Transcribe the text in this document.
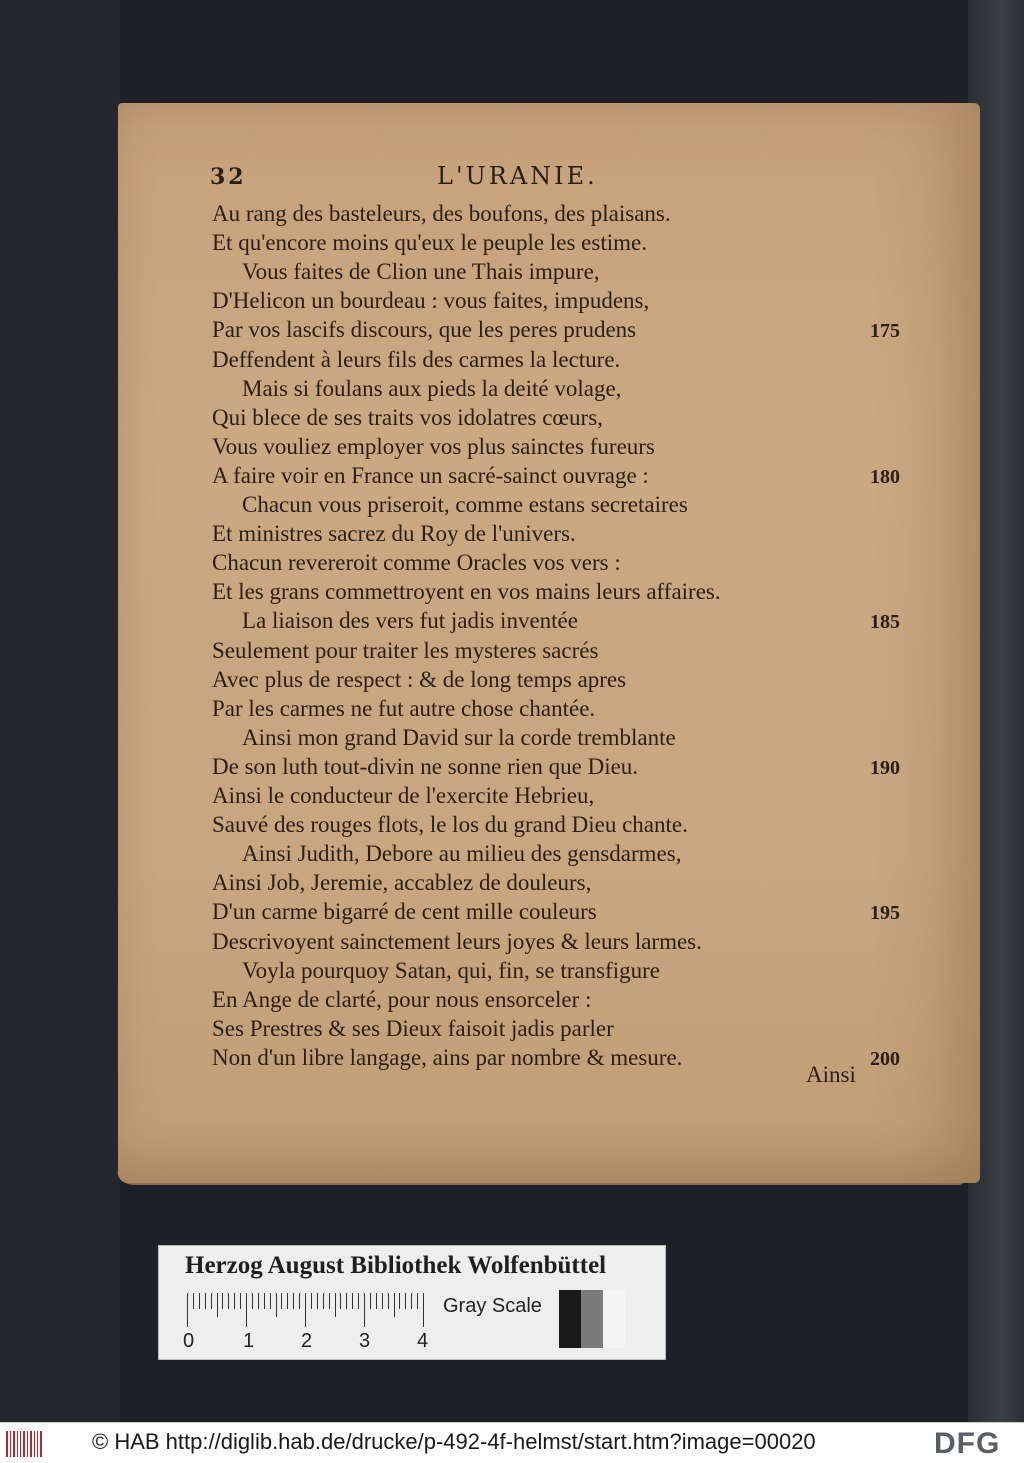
32	L'URANIE.
Au rang des basteleurs, des boufons, des plaisans.
Et qu'encore moins qu'eux le peuple les estime.
Vous faites de Clion une Thais impure,
D'Helicon un bourdeau : vous faites, impudens,
Par vos lascifs discours, que les peres prudens
Deffendent à leurs fils des carmes la lecture.
Mais si foulans aux pieds la deité volage,
Qui blece de ses traits vos idolatres cœurs,
Vous vouliez employer vos plus sainctes fureurs
A faire voir en France un sacré-sainct ouvrage :
Chacun vous priseroit, comme estans secretaires
Et ministres sacrez du Roy de l'univers.
Chacun revereroit comme Oracles vos vers :
Et les grans commettroyent en vos mains leurs affaires.
La liaison des vers fut jadis inventée
Seulement pour traiter les mysteres sacrés
Avec plus de respect : & de long temps apres
Par les carmes ne fut autre chose chantée.
Ainsi mon grand David sur la corde tremblante
De son luth tout-divin ne sonne rien que Dieu.
Ainsi le conducteur de l'exercite Hebrieu,
Sauvé des rouges flots, le los du grand Dieu chante.
Ainsi Judith, Debore au milieu des gensdarmes,
Ainsi Job, Jeremie, accablez de douleurs,
D'un carme bigarré de cent mille couleurs
Descrivoyent sainctement leurs joyes & leurs larmes.
Voyla pourquoy Satan, qui, fin, se transfigure
En Ange de clarté, pour nous ensorceler :
Ses Prestres & ses Dieux faisoit jadis parler
Non d'un libre langage, ains par nombre & mesure.
175
180
185
190
195
200
Ainsi
Herzog August Bibliothek Wolfenbüttel
0 1 2 3 4
Gray Scale
© HAB http://diglib.hab.de/drucke/p-492-4f-helmst/start.htm?image=00020	DFG
